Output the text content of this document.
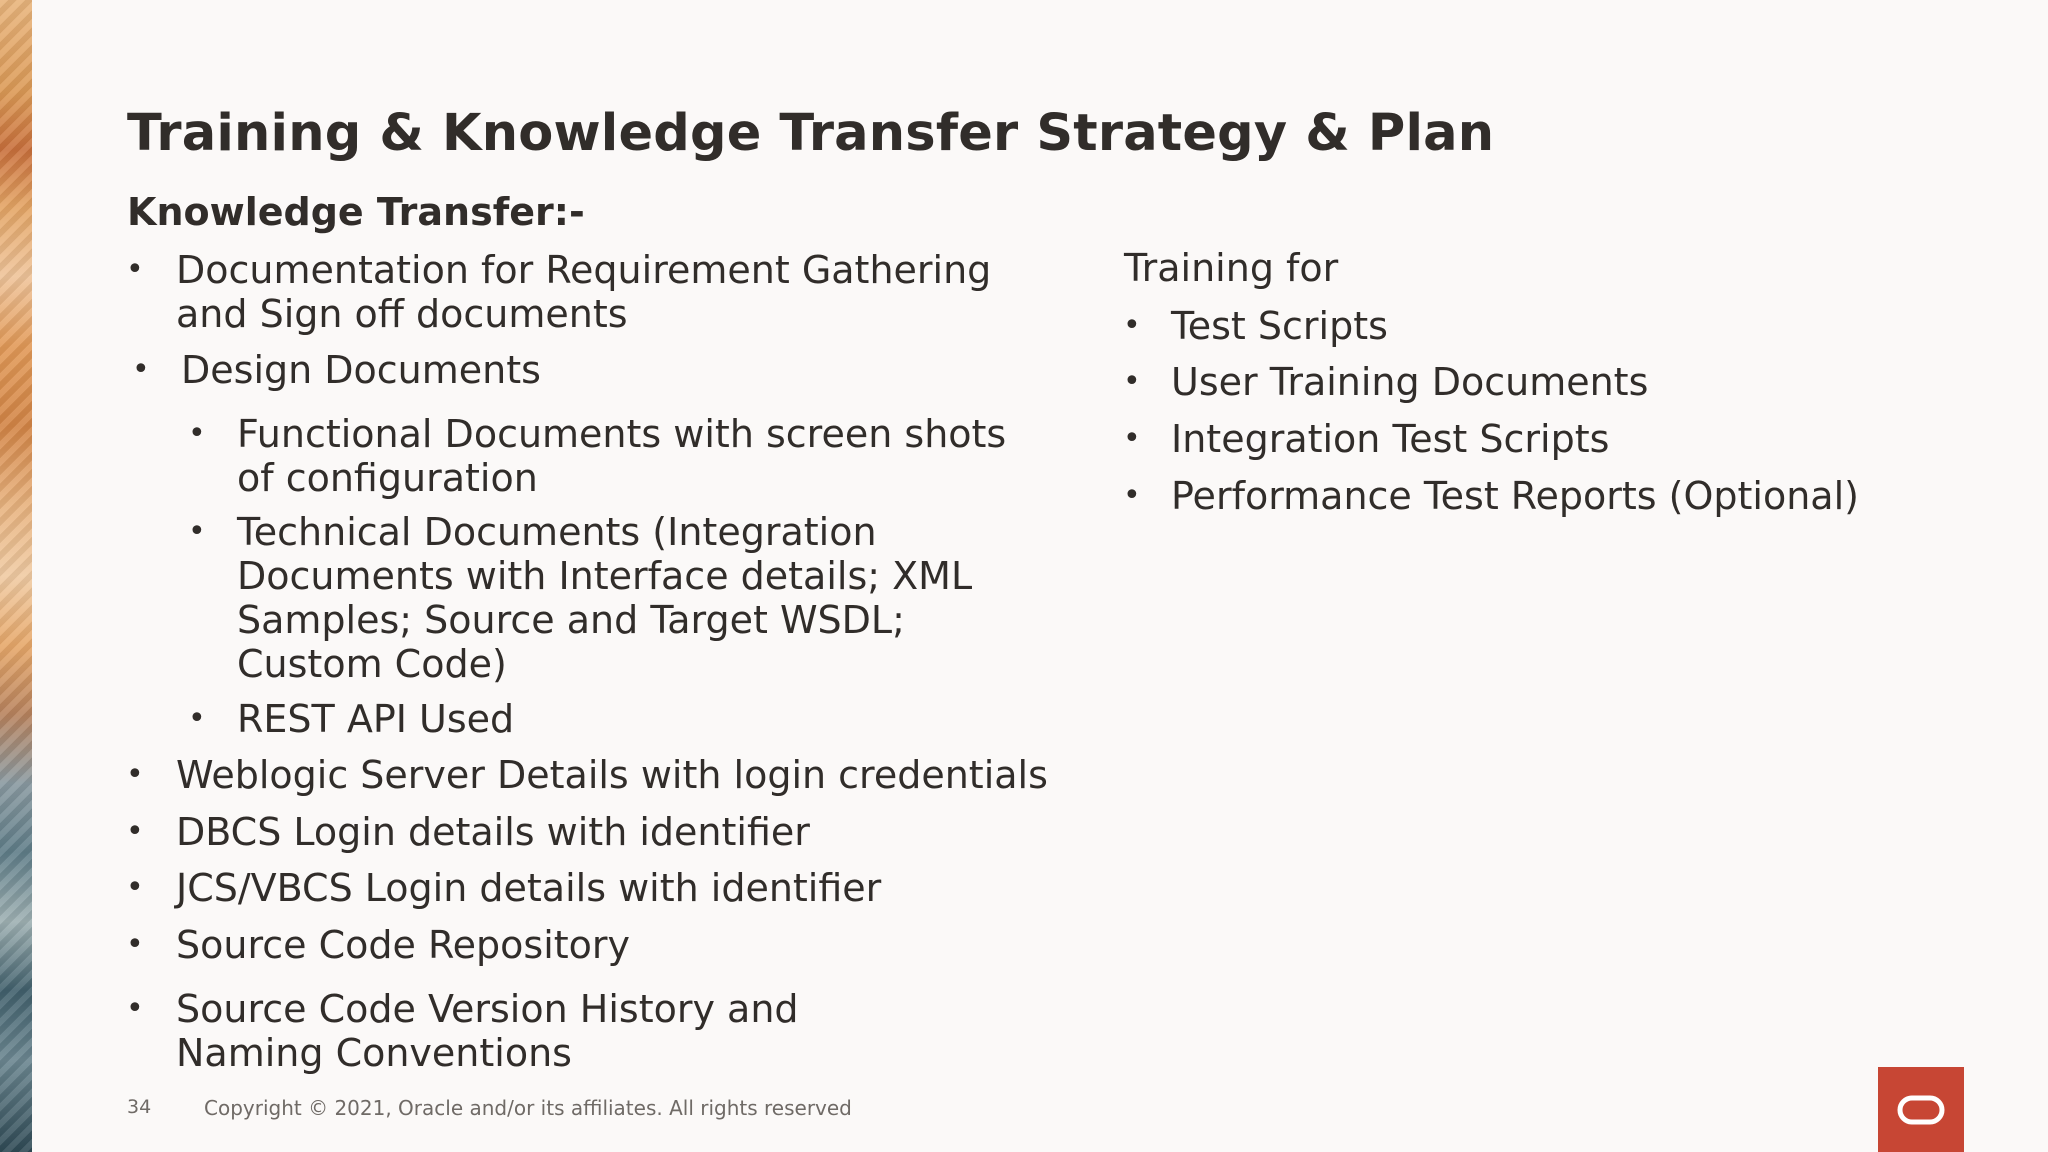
Training & Knowledge Transfer Strategy & Plan
Knowledge Transfer:-
• Documentation for Requirement Gathering and Sign off documents
• Design Documents
• Functional Documents with screen shots of configuration
• Technical Documents (Integration Documents with Interface details; XML Samples; Source and Target WSDL; Custom Code)
• REST API Used
• Weblogic Server Details with login credentials
• DBCS Login details with identifier
• JCS/VBCS Login details with identifier
• Source Code Repository
• Source Code Version History and Naming Conventions
Training for
• Test Scripts
• User Training Documents
• Integration Test Scripts
• Performance Test Reports (Optional)
34	Copyright © 2021, Oracle and/or its affiliates. All rights reserved
